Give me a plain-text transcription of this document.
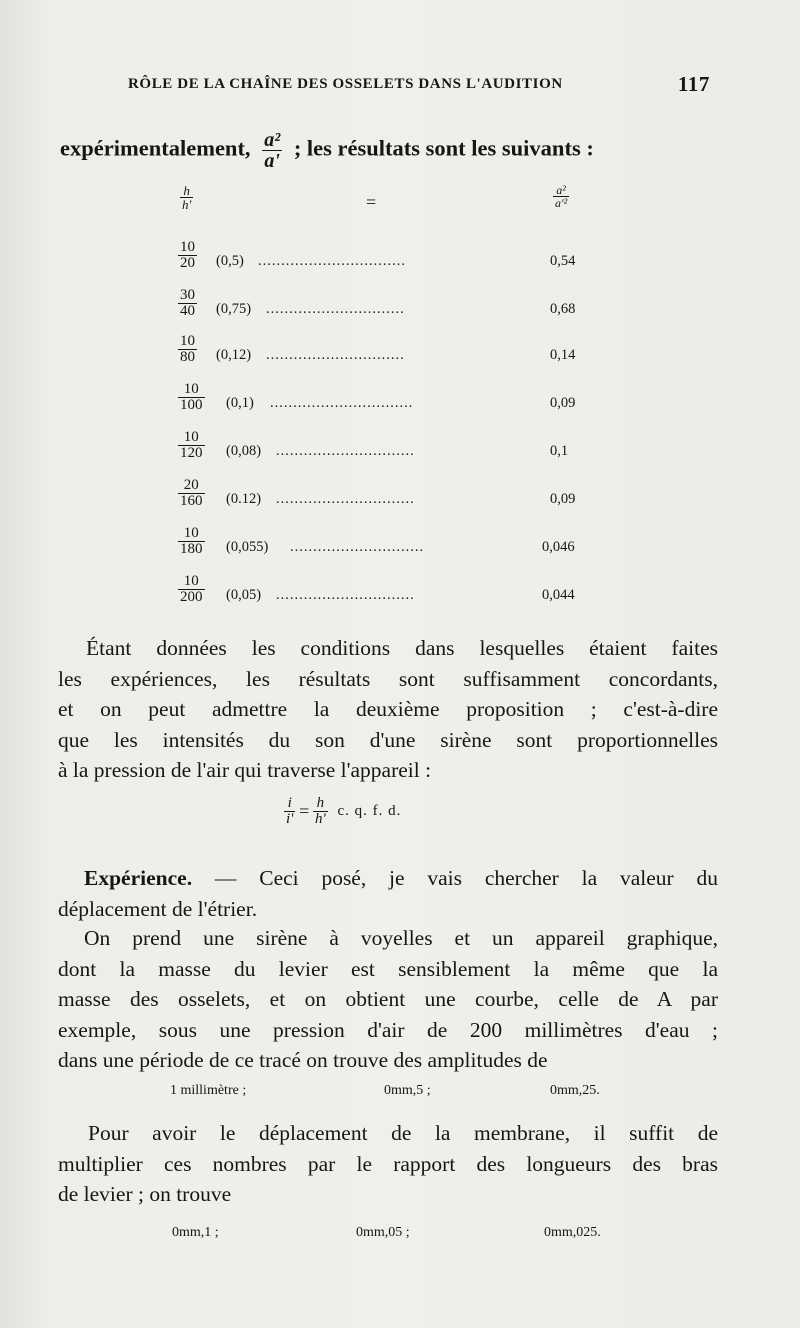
RÔLE DE LA CHAÎNE DES OSSELETS DANS L'AUDITION	117
expérimentalement, $\frac{\text{a²}}{a'}$ ; les résultats sont les suivants :
$\frac{h}{h'}$	=	$\frac{\text{a²}}{\text{a'²}}$
$\frac{10}{20} (0,5)$ ................................	0,54
$\frac{30}{40} (0,75)$ ..............................	0,68
$\frac{10}{80} (0,12)$ ..............................	0,14
$\frac{10}{100} (0,1)$ ...............................	0,09
$\frac{10}{120} (0,08)$ ..............................	0,1
$\frac{20}{160} (0.12)$ ..............................	0,09
$\frac{10}{180} (0,055)$ .............................	0,046
$\frac{10}{200} (0,05)$ ..............................	0,044
Étant données les conditions dans lesquelles étaient faites
les expériences, les résultats sont suffisamment concordants,
et on peut admettre la deuxième proposition ; c'est-à-dire
que les intensités du son d'une sirène sont proportionnelles
à la pression de l'air qui traverse l'appareil :
$\frac{i}{i'} = \frac{h}{h'} c$. q. f. d.
Expérience. — Ceci posé, je vais chercher la valeur du
déplacement de l'étrier.
On prend une sirène à voyelles et un appareil graphique,
dont la masse du levier est sensiblement la même que la
masse des osselets, et on obtient une courbe, celle de A par
exemple, sous une pression d'air de 200 millimètres d'eau ;
dans une période de ce tracé on trouve des amplitudes de
1 millimètre ;	0mm,5 ;	0mm,25.
Pour avoir le déplacement de la membrane, il suffit de
multiplier ces nombres par le rapport des longueurs des bras
de levier ; on trouve
0mm,1 ;	0mm,05 ;	0mm,025.
